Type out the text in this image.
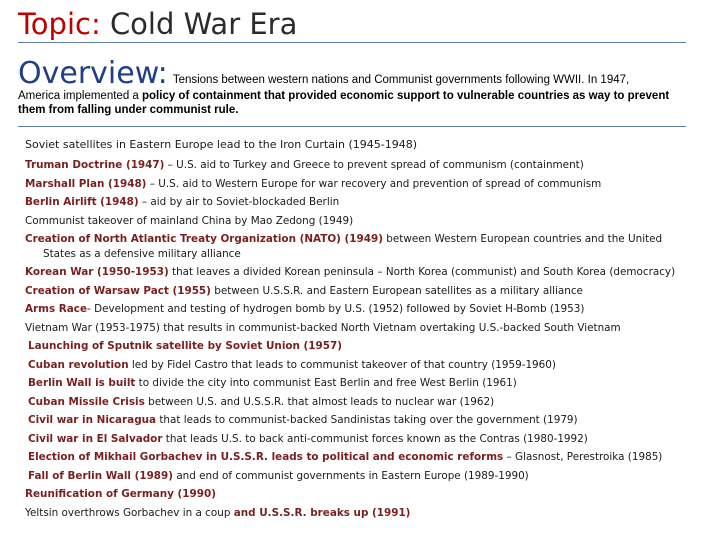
Topic: Cold War Era
Overview: Tensions between western nations and Communist governments following WWII. In 1947,
America implemented a policy of containment that provided economic support to vulnerable countries as way to prevent them from falling under communist rule.
Soviet satellites in Eastern Europe lead to the Iron Curtain (1945-1948)
Truman Doctrine (1947) – U.S. aid to Turkey and Greece to prevent spread of communism (containment)
Marshall Plan (1948) – U.S. aid to Western Europe for war recovery and prevention of spread of communism
Berlin Airlift (1948) – aid by air to Soviet-blockaded Berlin
Communist takeover of mainland China by Mao Zedong (1949)
Creation of North Atlantic Treaty Organization (NATO) (1949) between Western European countries and the United States as a defensive military alliance
Korean War (1950-1953) that leaves a divided Korean peninsula – North Korea (communist) and South Korea (democracy)
Creation of Warsaw Pact (1955) between U.S.S.R. and Eastern European satellites as a military alliance
Arms Race- Development and testing of hydrogen bomb by U.S. (1952) followed by Soviet H-Bomb (1953)
Vietnam War (1953-1975) that results in communist-backed North Vietnam overtaking U.S.-backed South Vietnam
Launching of Sputnik satellite by Soviet Union (1957)
Cuban revolution led by Fidel Castro that leads to communist takeover of that country (1959-1960)
Berlin Wall is built to divide the city into communist East Berlin and free West Berlin (1961)
Cuban Missile Crisis between U.S. and U.S.S.R. that almost leads to nuclear war (1962)
Civil war in Nicaragua that leads to communist-backed Sandinistas taking over the government (1979)
Civil war in El Salvador that leads U.S. to back anti-communist forces known as the Contras (1980-1992)
Election of Mikhail Gorbachev in U.S.S.R. leads to political and economic reforms – Glasnost, Perestroika (1985)
Fall of Berlin Wall (1989) and end of communist governments in Eastern Europe (1989-1990)
Reunification of Germany (1990)
Yeltsin overthrows Gorbachev in a coup and U.S.S.R. breaks up (1991)
